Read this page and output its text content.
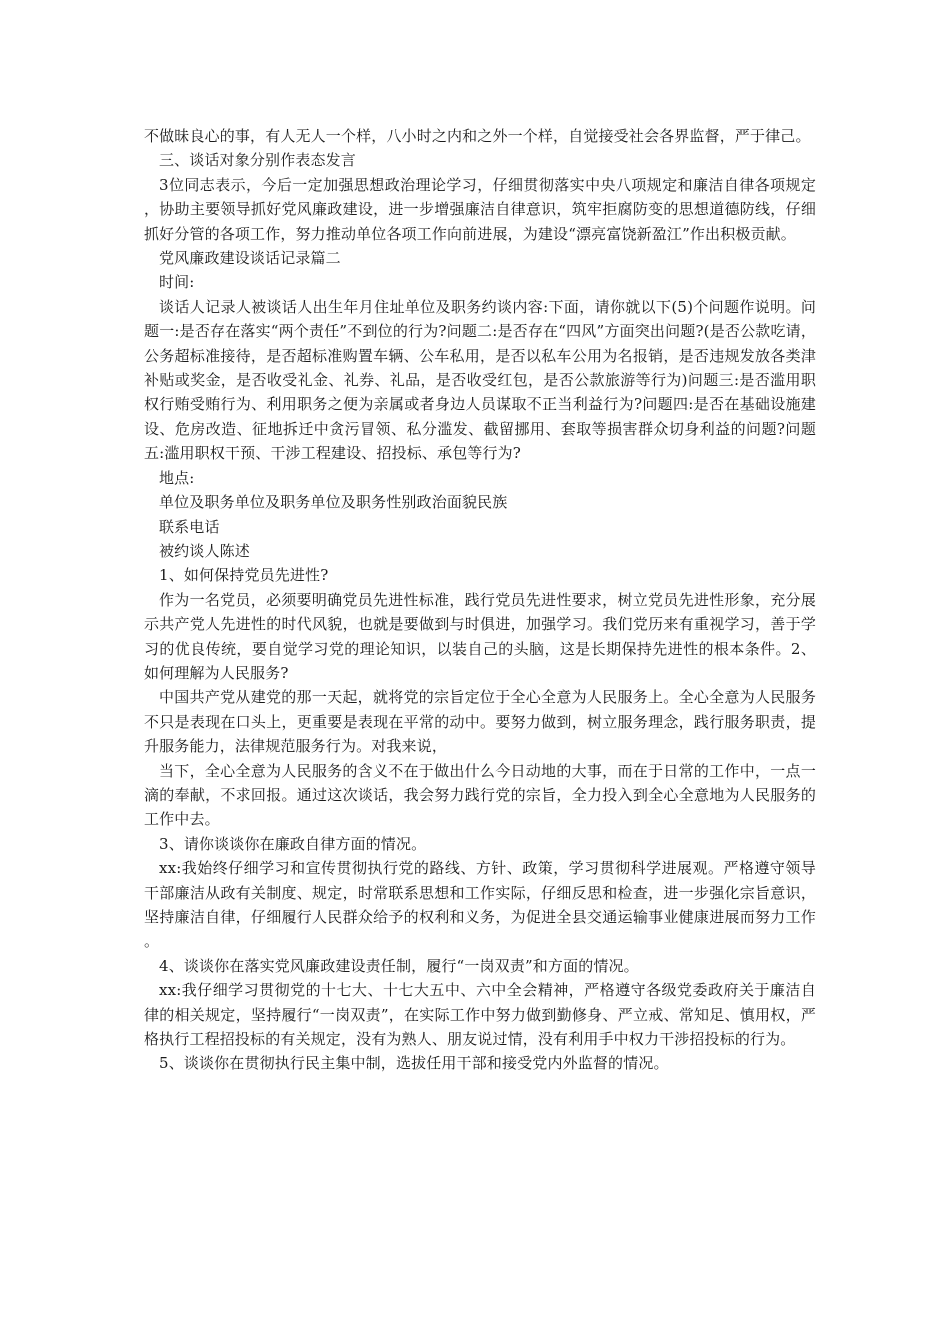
不做昧良心的事，有人无人一个样，八小时之内和之外一个样，自觉接受社会各界监督，严于律己。

三、谈话对象分别作表态发言

3位同志表示，今后一定加强思想政治理论学习，仔细贯彻落实中央八项规定和廉洁自律各项规定，协助主要领导抓好党风廉政建设，进一步增强廉洁自律意识，筑牢拒腐防变的思想道德防线，仔细抓好分管的各项工作，努力推动单位各项工作向前进展，为建设“漂亮富饶新盈江”作出积极贡献。

党风廉政建设谈话记录篇二

时间:

谈话人记录人被谈话人出生年月住址单位及职务约谈内容:下面，请你就以下(5)个问题作说明。问题一:是否存在落实“两个责任”不到位的行为?问题二:是否存在“四风”方面突出问题?(是否公款吃请，公务超标准接待，是否超标准购置车辆、公车私用，是否以私车公用为名报销，是否违规发放各类津补贴或奖金，是否收受礼金、礼券、礼品，是否收受红包，是否公款旅游等行为)问题三:是否滥用职权行贿受贿行为、利用职务之便为亲属或者身边人员谋取不正当利益行为?问题四:是否在基础设施建设、危房改造、征地拆迁中贪污冒领、私分滥发、截留挪用、套取等损害群众切身利益的问题?问题五:滥用职权干预、干涉工程建设、招投标、承包等行为?

地点:

单位及职务单位及职务单位及职务性别政治面貌民族

联系电话

被约谈人陈述

1、如何保持党员先进性?

作为一名党员，必须要明确党员先进性标准，践行党员先进性要求，树立党员先进性形象，充分展示共产党人先进性的时代风貌，也就是要做到与时俱进，加强学习。我们党历来有重视学习，善于学习的优良传统，要自觉学习党的理论知识，以装自己的头脑，这是长期保持先进性的根本条件。2、如何理解为人民服务?

中国共产党从建党的那一天起，就将党的宗旨定位于全心全意为人民服务上。全心全意为人民服务不只是表现在口头上，更重要是表现在平常的动中。要努力做到，树立服务理念，践行服务职责，提升服务能力，法律规范服务行为。对我来说，

当下，全心全意为人民服务的含义不在于做出什么今日动地的大事，而在于日常的工作中，一点一滴的奉献，不求回报。通过这次谈话，我会努力践行党的宗旨，全力投入到全心全意地为人民服务的工作中去。

3、请你谈谈你在廉政自律方面的情况。

xx:我始终仔细学习和宣传贯彻执行党的路线、方针、政策，学习贯彻科学进展观。严格遵守领导干部廉洁从政有关制度、规定，时常联系思想和工作实际，仔细反思和检查，进一步强化宗旨意识，坚持廉洁自律，仔细履行人民群众给予的权利和义务，为促进全县交通运输事业健康进展而努力工作。

4、谈谈你在落实党风廉政建设责任制，履行“一岗双责”和方面的情况。

xx:我仔细学习贯彻党的十七大、十七大五中、六中全会精神，严格遵守各级党委政府关于廉洁自律的相关规定，坚持履行“一岗双责”，在实际工作中努力做到勤修身、严立戒、常知足、慎用权，严格执行工程招投标的有关规定，没有为熟人、朋友说过情，没有利用手中权力干涉招投标的行为。

5、谈谈你在贯彻执行民主集中制，选拔任用干部和接受党内外监督的情况。
